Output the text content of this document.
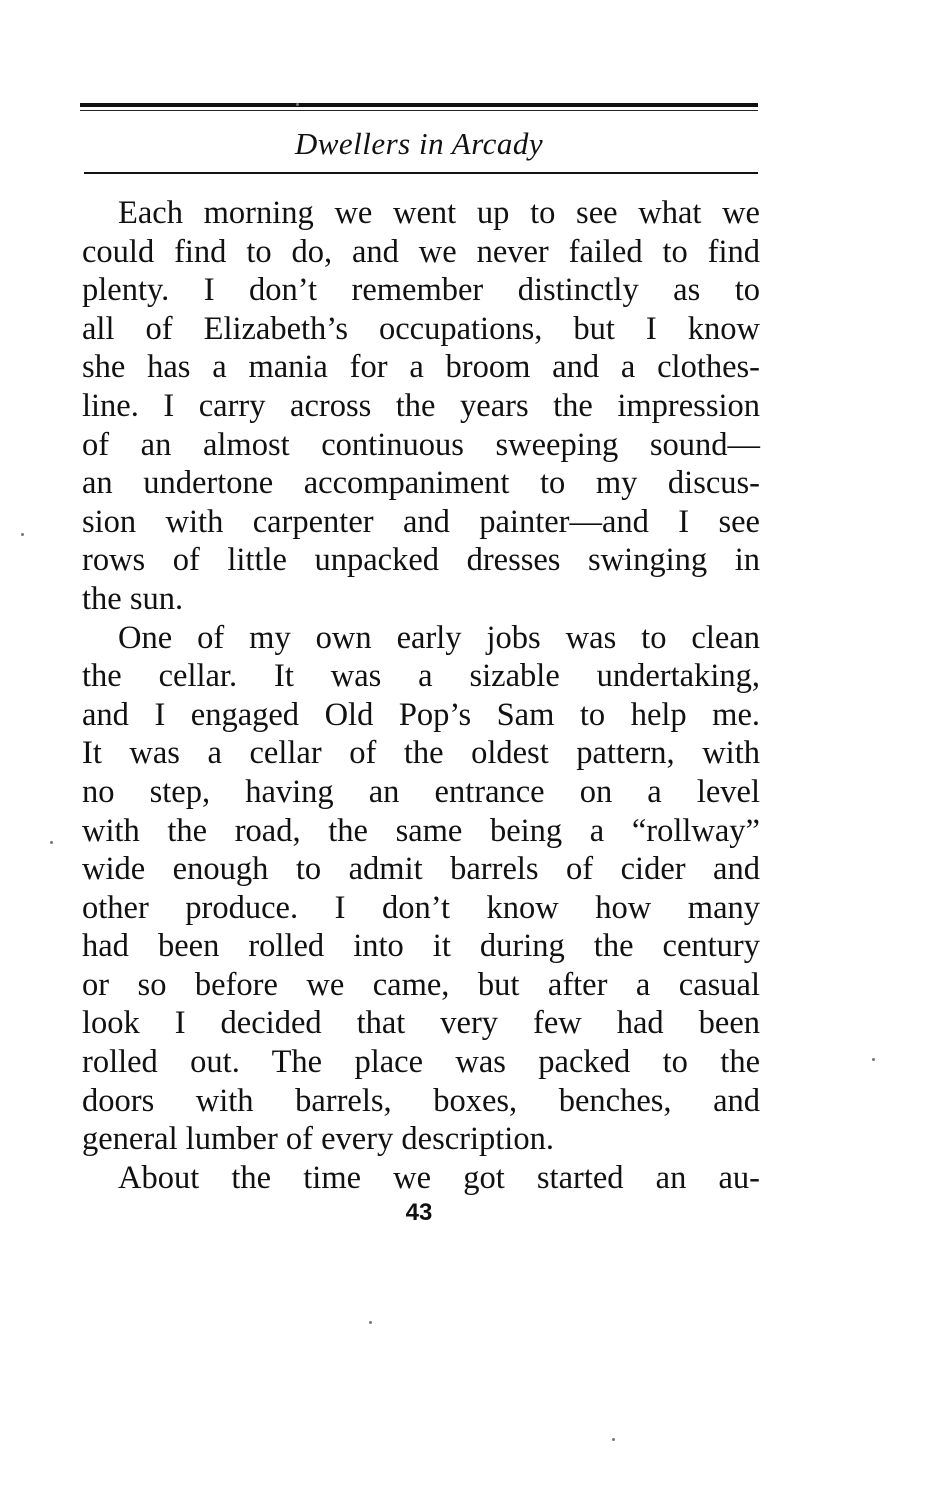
Dwellers in Arcady
Each morning we went up to see what we
could find to do, and we never failed to find
plenty. I don’t remember distinctly as to
all of Elizabeth’s occupations, but I know
she has a mania for a broom and a clothes-
line. I carry across the years the impression
of an almost continuous sweeping sound—
an undertone accompaniment to my discus-
sion with carpenter and painter—and I see
rows of little unpacked dresses swinging in
the sun.
One of my own early jobs was to clean
the cellar. It was a sizable undertaking,
and I engaged Old Pop’s Sam to help me.
It was a cellar of the oldest pattern, with
no step, having an entrance on a level
with the road, the same being a “rollway”
wide enough to admit barrels of cider and
other produce. I don’t know how many
had been rolled into it during the century
or so before we came, but after a casual
look I decided that very few had been
rolled out. The place was packed to the
doors with barrels, boxes, benches, and
general lumber of every description.
About the time we got started an au-
43
